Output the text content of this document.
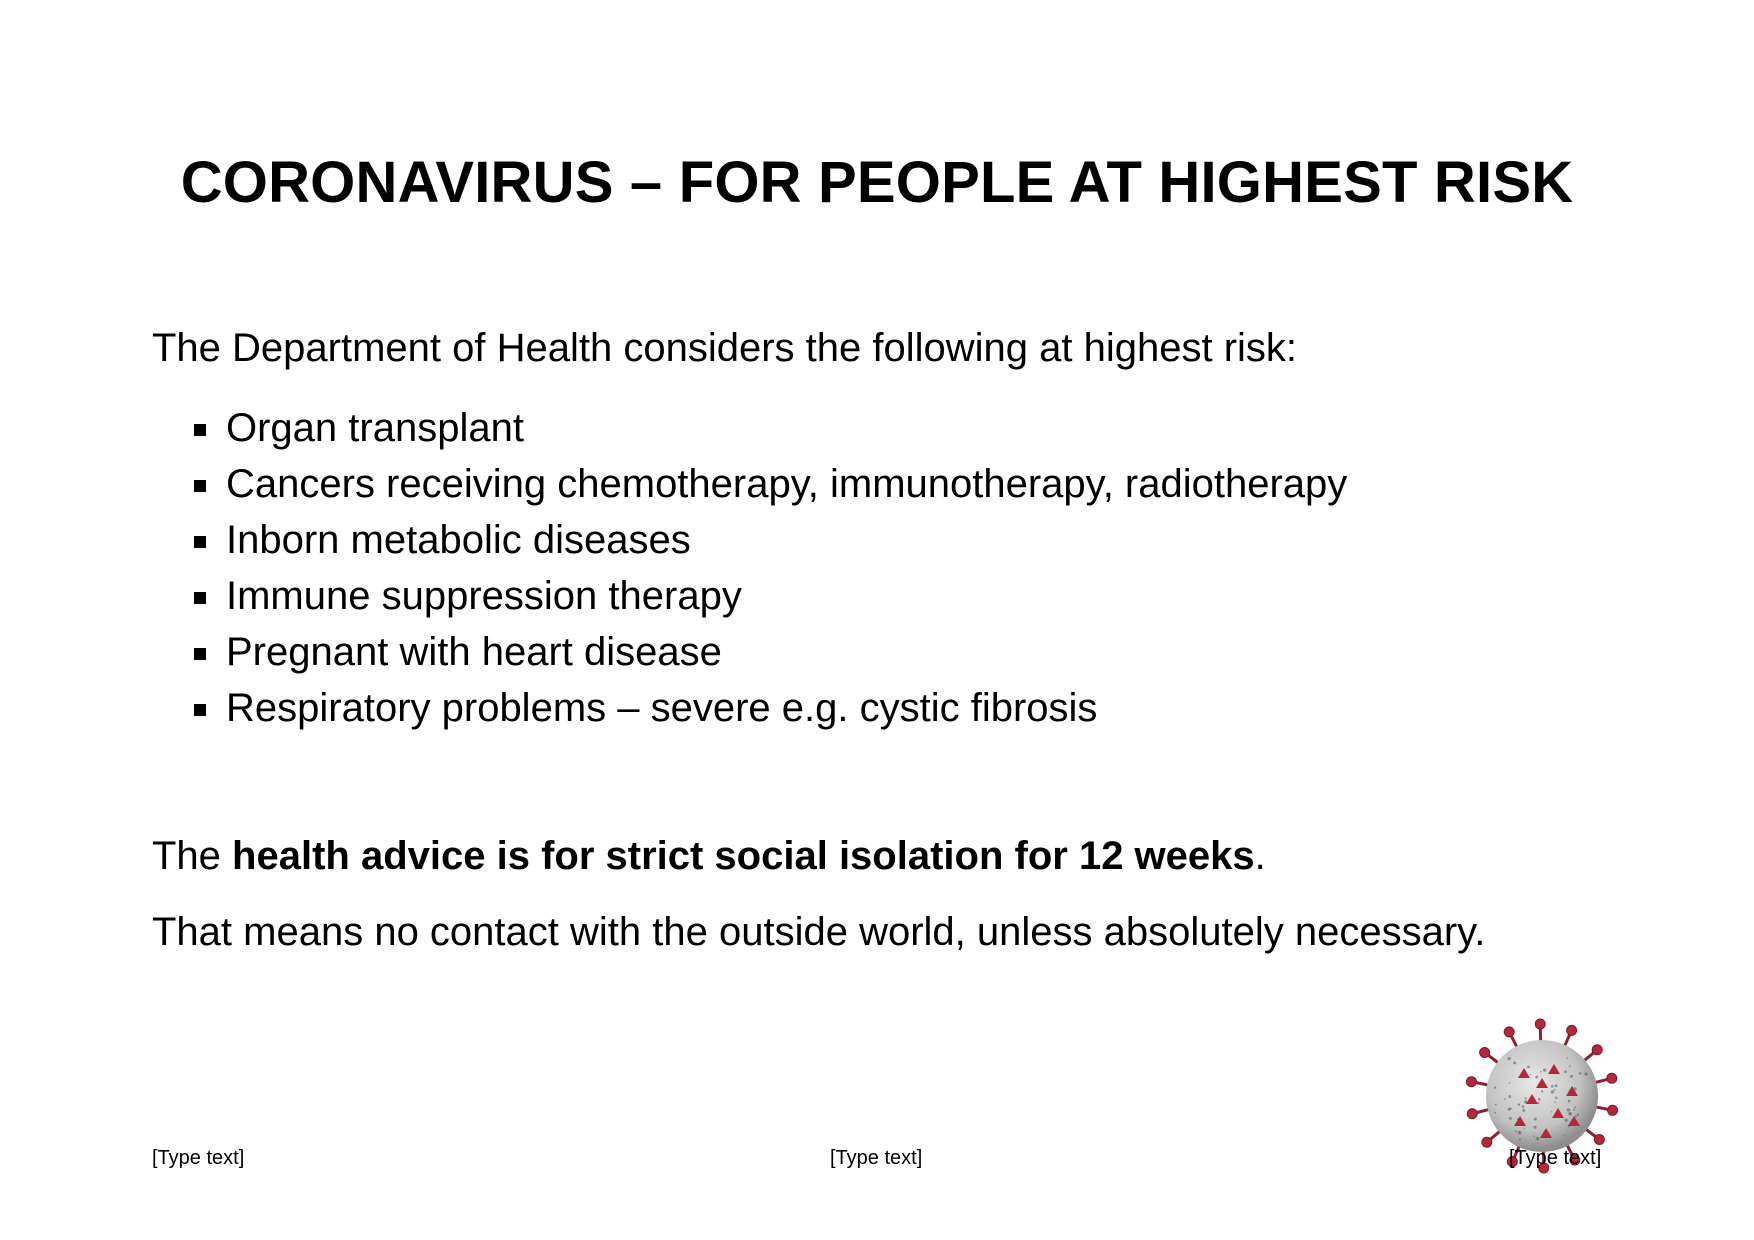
CORONAVIRUS – FOR PEOPLE AT HIGHEST RISK

The Department of Health considers the following at highest risk:

Organ transplant
Cancers receiving chemotherapy, immunotherapy, radiotherapy
Inborn metabolic diseases
Immune suppression therapy
Pregnant with heart disease
Respiratory problems – severe e.g. cystic fibrosis

The health advice is for strict social isolation for 12 weeks.

That means no contact with the outside world, unless absolutely necessary.

[Type text]	[Type text]	[Type text]
